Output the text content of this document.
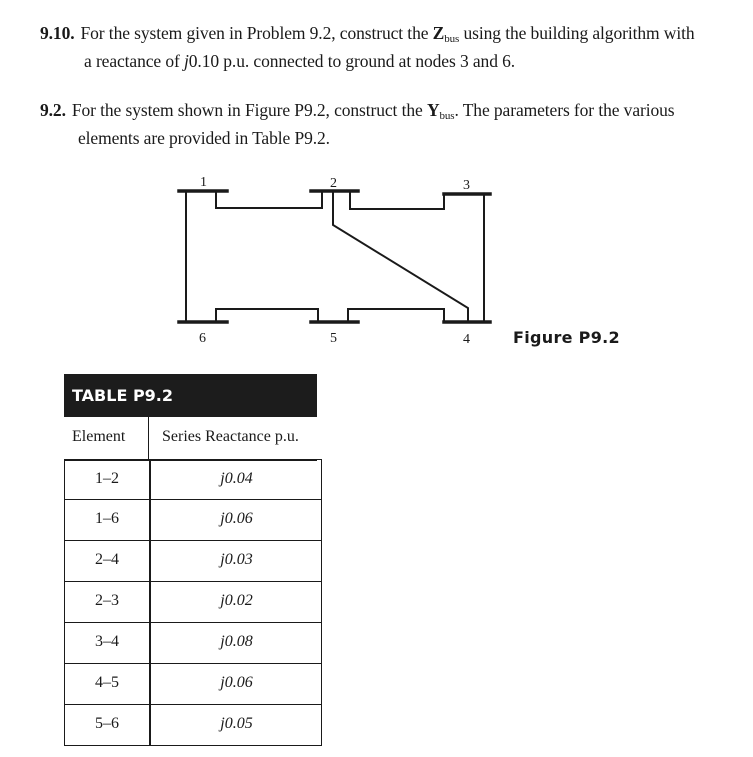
9.10. For the system given in Problem 9.2, construct the $Z_{bus}$ using the building algorithm with
a reactance of j0.10 p.u. connected to ground at nodes 3 and 6.
9.2. For the system shown in Figure P9.2, construct the $Y_{bus}$. The parameters for the various
elements are provided in Table P9.2.
1	2	3
4
5
6	Figure P9.2
TABLE P9.2
Element Series Reactance p.u.
1–2	j0.04
1–6	j0.06
2–4	j0.03
2–3	j0.02
3–4	j0.08
4–5	j0.06
5–6	j0.05
